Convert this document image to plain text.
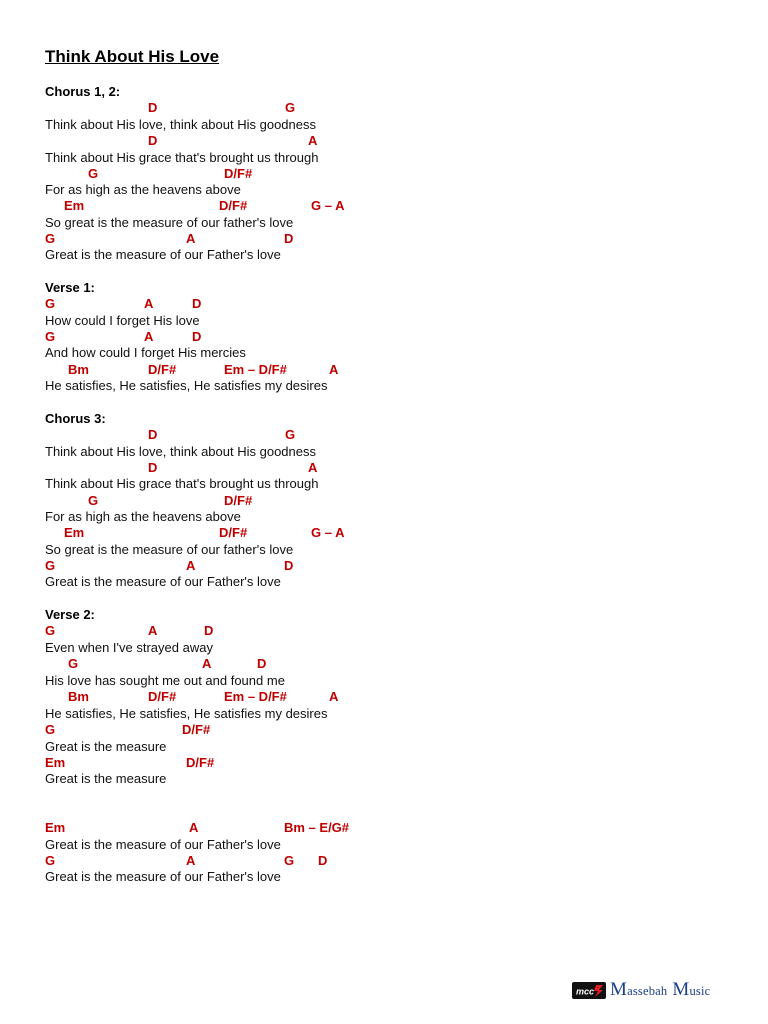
Think About His Love
Chorus 1, 2:
D	G
Think about His love, think about His goodness
D	A
Think about His grace that's brought us through
G	D/F#
For as high as the heavens above
Em	D/F#	G – A
So great is the measure of our father's love
G	A	D
Great is the measure of our Father's love
Verse 1:
G	A	D
How could I forget His love
G	A	D
And how could I forget His mercies
Bm	D/F#	Em – D/F#	A
He satisfies, He satisfies, He satisfies my desires
Chorus 3:
D	G
Think about His love, think about His goodness
D	A
Think about His grace that's brought us through
G	D/F#
For as high as the heavens above
Em	D/F#	G – A
So great is the measure of our father's love
G	A	D
Great is the measure of our Father's love
Verse 2:
G	A	D
Even when I've strayed away
G	A	D
His love has sought me out and found me
Bm	D/F#	Em – D/F#	A
He satisfies, He satisfies, He satisfies my desires
G	D/F#
Great is the measure
Em	D/F#
Great is the measure
Em	A	Bm – E/G#
Great is the measure of our Father's love
G	A	G D
Great is the measure of our Father's love
mcc Massebah Music
